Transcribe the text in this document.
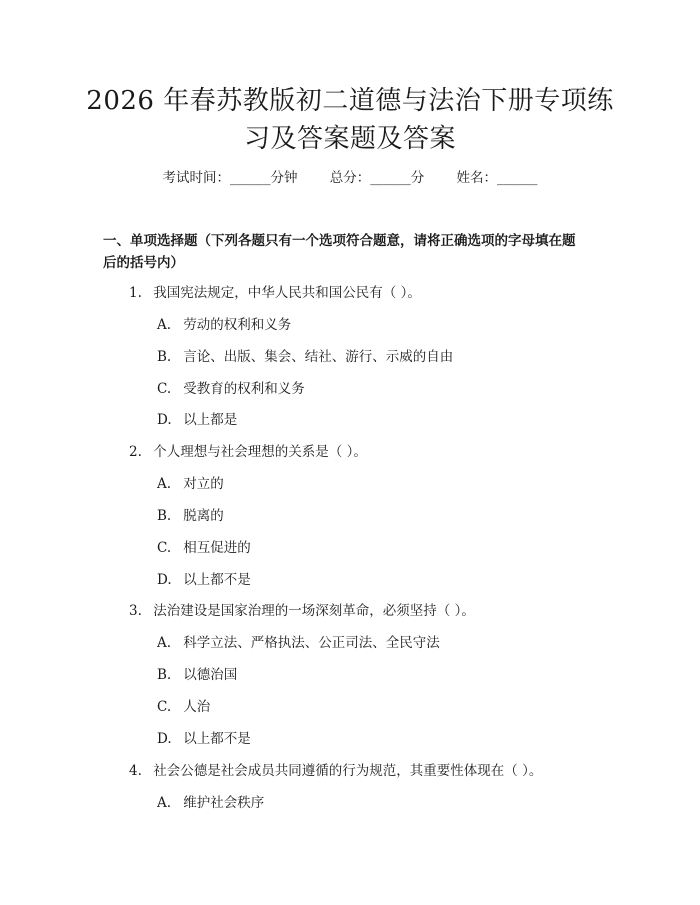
2026 年春苏教版初二道德与法治下册专项练
习及答案题及答案
考试时间：______分钟 总分：______分 姓名：______
一、单项选择题（下列各题只有一个选项符合题意，请将正确选项的字母填在题
后的括号内）
1. 我国宪法规定，中华人民共和国公民有（ ）。
A. 劳动的权利和义务
B. 言论、出版、集会、结社、游行、示威的自由
C. 受教育的权利和义务
D. 以上都是
2. 个人理想与社会理想的关系是（ ）。
A. 对立的
B. 脱离的
C. 相互促进的
D. 以上都不是
3. 法治建设是国家治理的一场深刻革命，必须坚持（ ）。
A. 科学立法、严格执法、公正司法、全民守法
B. 以德治国
C. 人治
D. 以上都不是
4. 社会公德是社会成员共同遵循的行为规范，其重要性体现在（ ）。
A. 维护社会秩序
